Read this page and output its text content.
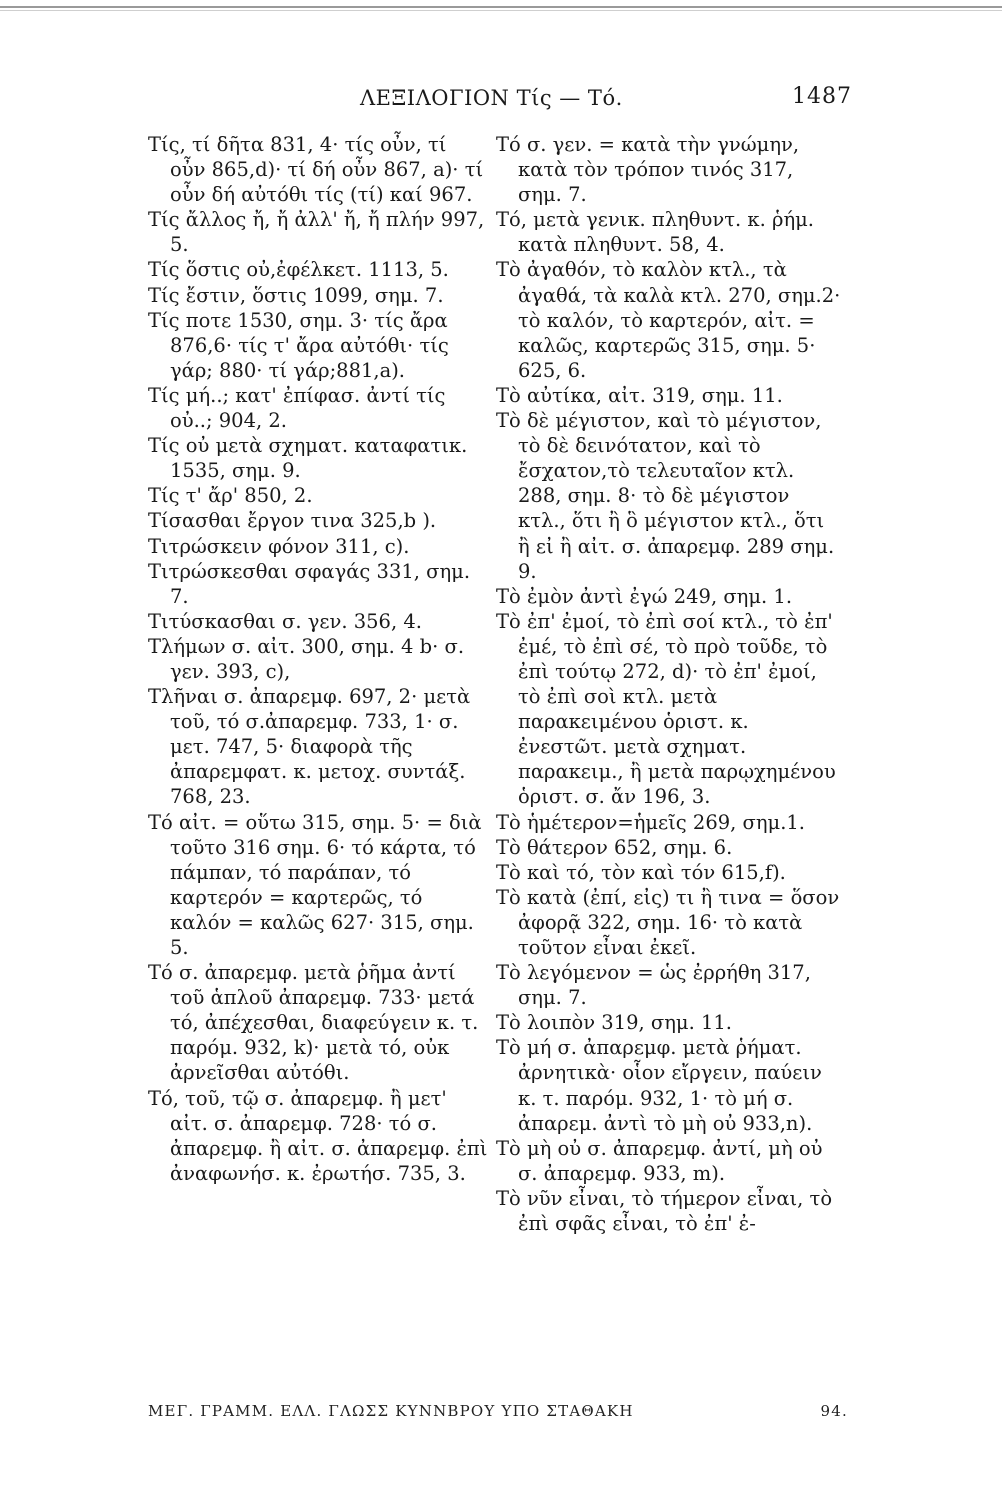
ΛΕΞΙΛΟΓΙΟΝ Τίς — Τό.	1487

Τίς, τί δῆτα 831, 4· τίς οὖν, τί οὖν 865,d)· τί δή οὖν 867, a)· τί οὖν δή αὐτόθι τίς (τί) καί 967.

Τίς ἄλλος ἤ, ἤ ἀλλ' ἤ, ἤ πλήν 997, 5.

Τίς ὅστις οὐ,ἐφέλκετ. 1113, 5.

Τίς ἔστιν, ὅστις 1099, σημ. 7.

Τίς ποτε 1530, σημ. 3· τίς ἄρα 876,6· τίς τ' ἄρα αὐτόθι· τίς γάρ; 880· τί γάρ;881,a).

Τίς μή..; κατ' ἐπίφασ. ἀντί τίς οὐ..; 904, 2.

Τίς οὐ μετὰ σχηματ. καταφατικ. 1535, σημ. 9.

Τίς τ' ἄρ' 850, 2.

Τίσασθαι ἔργον τινα 325,b ).

Τιτρώσκειν φόνον 311, c).

Τιτρώσκεσθαι σφαγάς 331, σημ. 7.

Τιτύσκασθαι σ. γεν. 356, 4.

Τλήμων σ. αἰτ. 300, σημ. 4 b· σ. γεν. 393, c),

Τλῆναι σ. ἀπαρεμφ. 697, 2· μετὰ τοῦ, τό σ.ἀπαρεμφ. 733, 1· σ. μετ. 747, 5· διαφορὰ τῆς ἀπαρεμφατ. κ. μετοχ. συντάξ. 768, 23.

Τό αἰτ. = οὕτω 315, σημ. 5· = διὰ τοῦτο 316 σημ. 6· τό κάρτα, τό πάμπαν, τό παράπαν, τό καρτερόν = καρτερῶς, τό καλόν = καλῶς 627· 315, σημ. 5.

Τό σ. ἀπαρεμφ. μετὰ ῥῆμα ἀντί τοῦ ἁπλοῦ ἀπαρεμφ. 733· μετά τό, ἀπέχεσθαι, διαφεύγειν κ. τ. παρόμ. 932, k)· μετὰ τό, οὐκ ἀρνεῖσθαι αὐτόθι.

Τό, τοῦ, τῷ σ. ἀπαρεμφ. ἢ μετ' αἰτ. σ. ἀπαρεμφ. 728· τό σ. ἀπαρεμφ. ἢ αἰτ. σ. ἀπαρεμφ. ἐπὶ ἀναφωνήσ. κ. ἐρωτήσ. 735, 3.

Τό σ. γεν. = κατὰ τὴν γνώμην, κατὰ τὸν τρόπον τινός 317, σημ. 7.

Τό, μετὰ γενικ. πληθυντ. κ. ῥήμ. κατὰ πληθυντ. 58, 4.

Τὸ ἀγαθόν, τὸ καλὸν κτλ., τὰ ἀγαθά, τὰ καλὰ κτλ. 270, σημ.2· τὸ καλόν, τὸ καρτερόν, αἰτ. = καλῶς, καρτερῶς 315, σημ. 5· 625, 6.

Τὸ αὐτίκα, αἰτ. 319, σημ. 11.

Τὸ δὲ μέγιστον, καὶ τὸ μέγιστον, τὸ δὲ δεινότατον, καὶ τὸ ἔσχατον,τὸ τελευταῖον κτλ. 288, σημ. 8· τὸ δὲ μέγιστον κτλ., ὅτι ἢ ὃ μέγιστον κτλ., ὅτι ἢ εἰ ἢ αἰτ. σ. ἀπαρεμφ. 289 σημ. 9.

Τὸ ἐμὸν ἀντὶ ἐγώ 249, σημ. 1.

Τὸ ἐπ' ἐμοί, τὸ ἐπὶ σοί κτλ., τὸ ἐπ' ἐμέ, τὸ ἐπὶ σέ, τὸ πρὸ τοῦδε, τὸ ἐπὶ τούτῳ 272, d)· τὸ ἐπ' ἐμοί, τὸ ἐπὶ σοὶ κτλ. μετὰ παρακειμένου ὁριστ. κ. ἐνεστῶτ. μετὰ σχηματ. παρακειμ., ἢ μετὰ παρῳχημένου ὁριστ. σ. ἄν 196, 3.

Τὸ ἡμέτερον=ἡμεῖς 269, σημ.1.

Τὸ θάτερον 652, σημ. 6.

Τὸ καὶ τό, τὸν καὶ τόν 615,f).

Τὸ κατὰ (ἐπί, εἰς) τι ἢ τινα = ὅσον ἀφορᾷ 322, σημ. 16· τὸ κατὰ τοῦτον εἶναι ἐκεῖ.

Τὸ λεγόμενον = ὡς ἐρρήθη 317, σημ. 7.

Τὸ λοιπὸν 319, σημ. 11.

Τὸ μή σ. ἀπαρεμφ. μετὰ ῥήματ. ἀρνητικὰ· οἷον εἴργειν, παύειν κ. τ. παρόμ. 932, 1· τὸ μή σ. ἀπαρεμ. ἀντὶ τὸ μὴ οὐ 933,n).

Τὸ μὴ οὐ σ. ἀπαρεμφ. ἀντί, μὴ οὐ σ. ἀπαρεμφ. 933, m).

Τὸ νῦν εἶναι, τὸ τήμερον εἶναι, τὸ ἐπὶ σφᾶς εἶναι, τὸ ἐπ' ἐ-

ΜΕΓ. ΓΡΑΜΜ. ΕΛΛ. ΓΛΩΣΣ ΚΥΝΝΒΡΟΥ ΥΠΟ ΣΤΑΘΑΚΗ	94.
